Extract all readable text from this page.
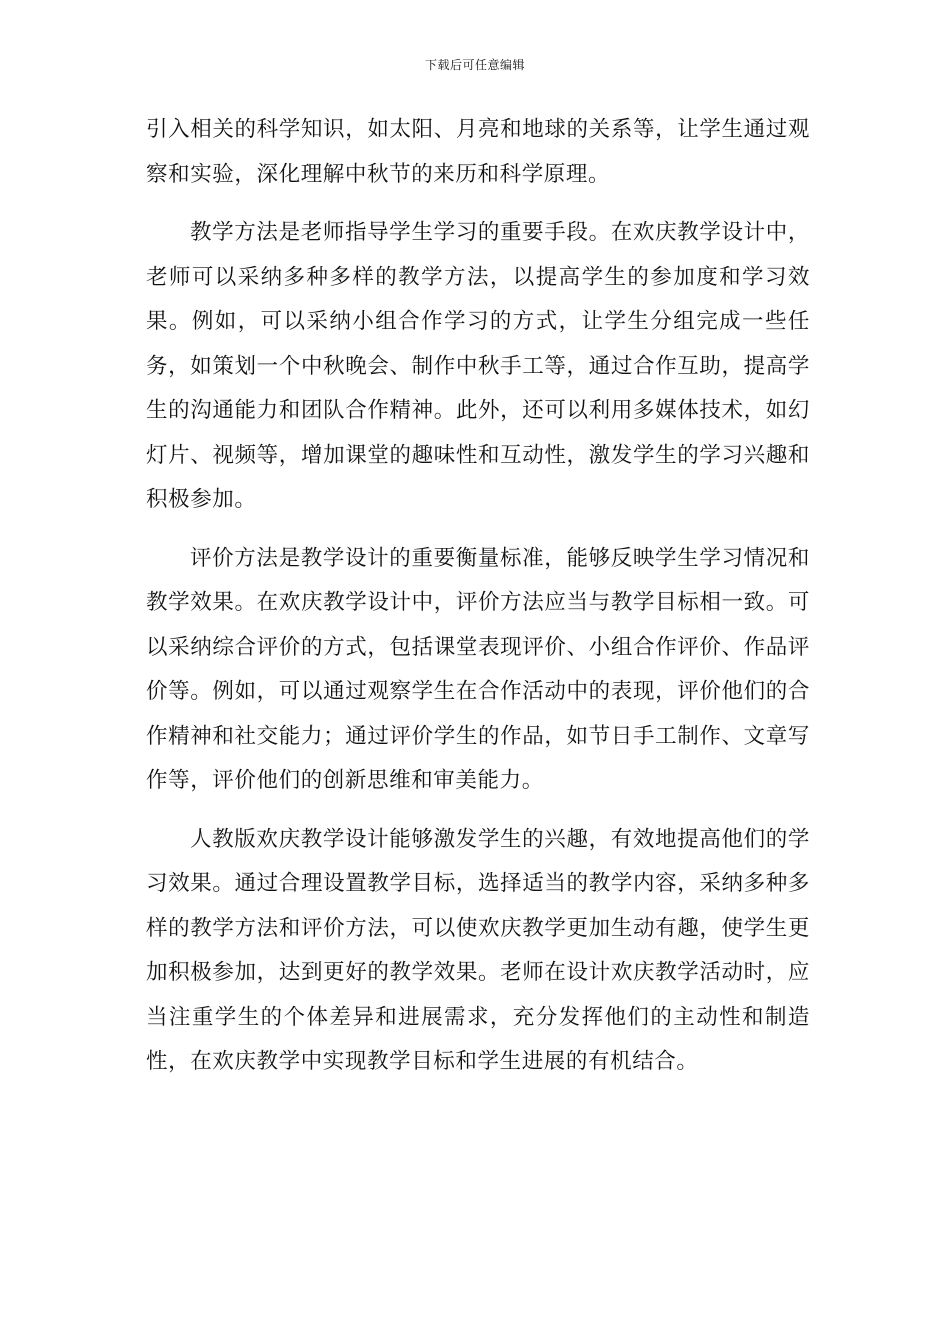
下载后可任意编辑

引入相关的科学知识，如太阳、月亮和地球的关系等，让学生通过观察和实验，深化理解中秋节的来历和科学原理。

教学方法是老师指导学生学习的重要手段。在欢庆教学设计中，老师可以采纳多种多样的教学方法，以提高学生的参加度和学习效果。例如，可以采纳小组合作学习的方式，让学生分组完成一些任务，如策划一个中秋晚会、制作中秋手工等，通过合作互助，提高学生的沟通能力和团队合作精神。此外，还可以利用多媒体技术，如幻灯片、视频等，增加课堂的趣味性和互动性，激发学生的学习兴趣和积极参加。

评价方法是教学设计的重要衡量标准，能够反映学生学习情况和教学效果。在欢庆教学设计中，评价方法应当与教学目标相一致。可以采纳综合评价的方式，包括课堂表现评价、小组合作评价、作品评价等。例如，可以通过观察学生在合作活动中的表现，评价他们的合作精神和社交能力；通过评价学生的作品，如节日手工制作、文章写作等，评价他们的创新思维和审美能力。

人教版欢庆教学设计能够激发学生的兴趣，有效地提高他们的学习效果。通过合理设置教学目标，选择适当的教学内容，采纳多种多样的教学方法和评价方法，可以使欢庆教学更加生动有趣，使学生更加积极参加，达到更好的教学效果。老师在设计欢庆教学活动时，应当注重学生的个体差异和进展需求，充分发挥他们的主动性和制造性，在欢庆教学中实现教学目标和学生进展的有机结合。
